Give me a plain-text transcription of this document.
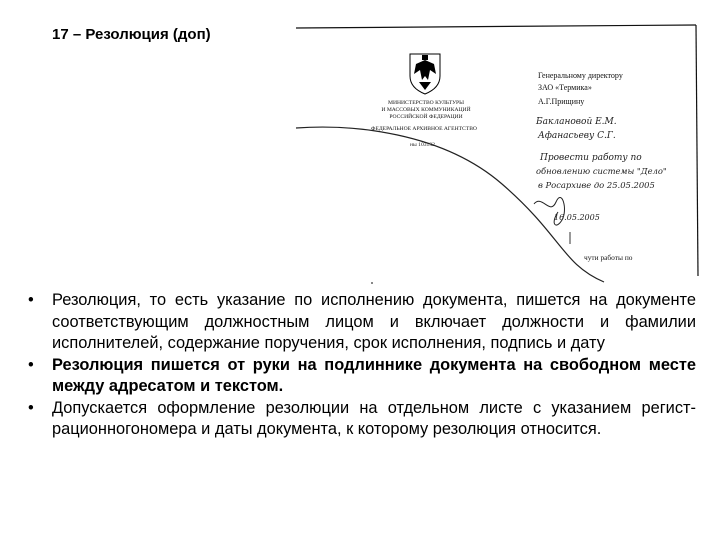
17 – Резолюция (доп)
МИНИСТЕРСТВО КУЛЬТУРЫ
И МАССОВЫХ КОММУНИКАЦИЙ
РОССИЙСКОЙ ФЕДЕРАЦИИ
ФЕДЕРАЛЬНОЕ АРХИВНОЕ АГЕНТСТВО
ны 103132
Генеральному директору
ЗАО «Термика»
А.Г.Прищину
Баклановой Е.М.
Афанасьеву С.Г.
Провести работу по
обновлению системы "Дело"
в Росархиве до 25.05.2005
16.05.2005
чути работы по
• Резолюция, то есть указание по исполнению документа, пишется на документе соответствующим должностным лицом и включает должности и фамилии исполнителей, содержание поручения, срок исполнения, подпись и дату
• Резолюция пишется от руки на подлиннике документа на свободном месте между адресатом и текстом.
• Допускается оформление резолюции на отдельном листе с указанием регист-рационногономера и даты документа, к которому резолюция относится.
